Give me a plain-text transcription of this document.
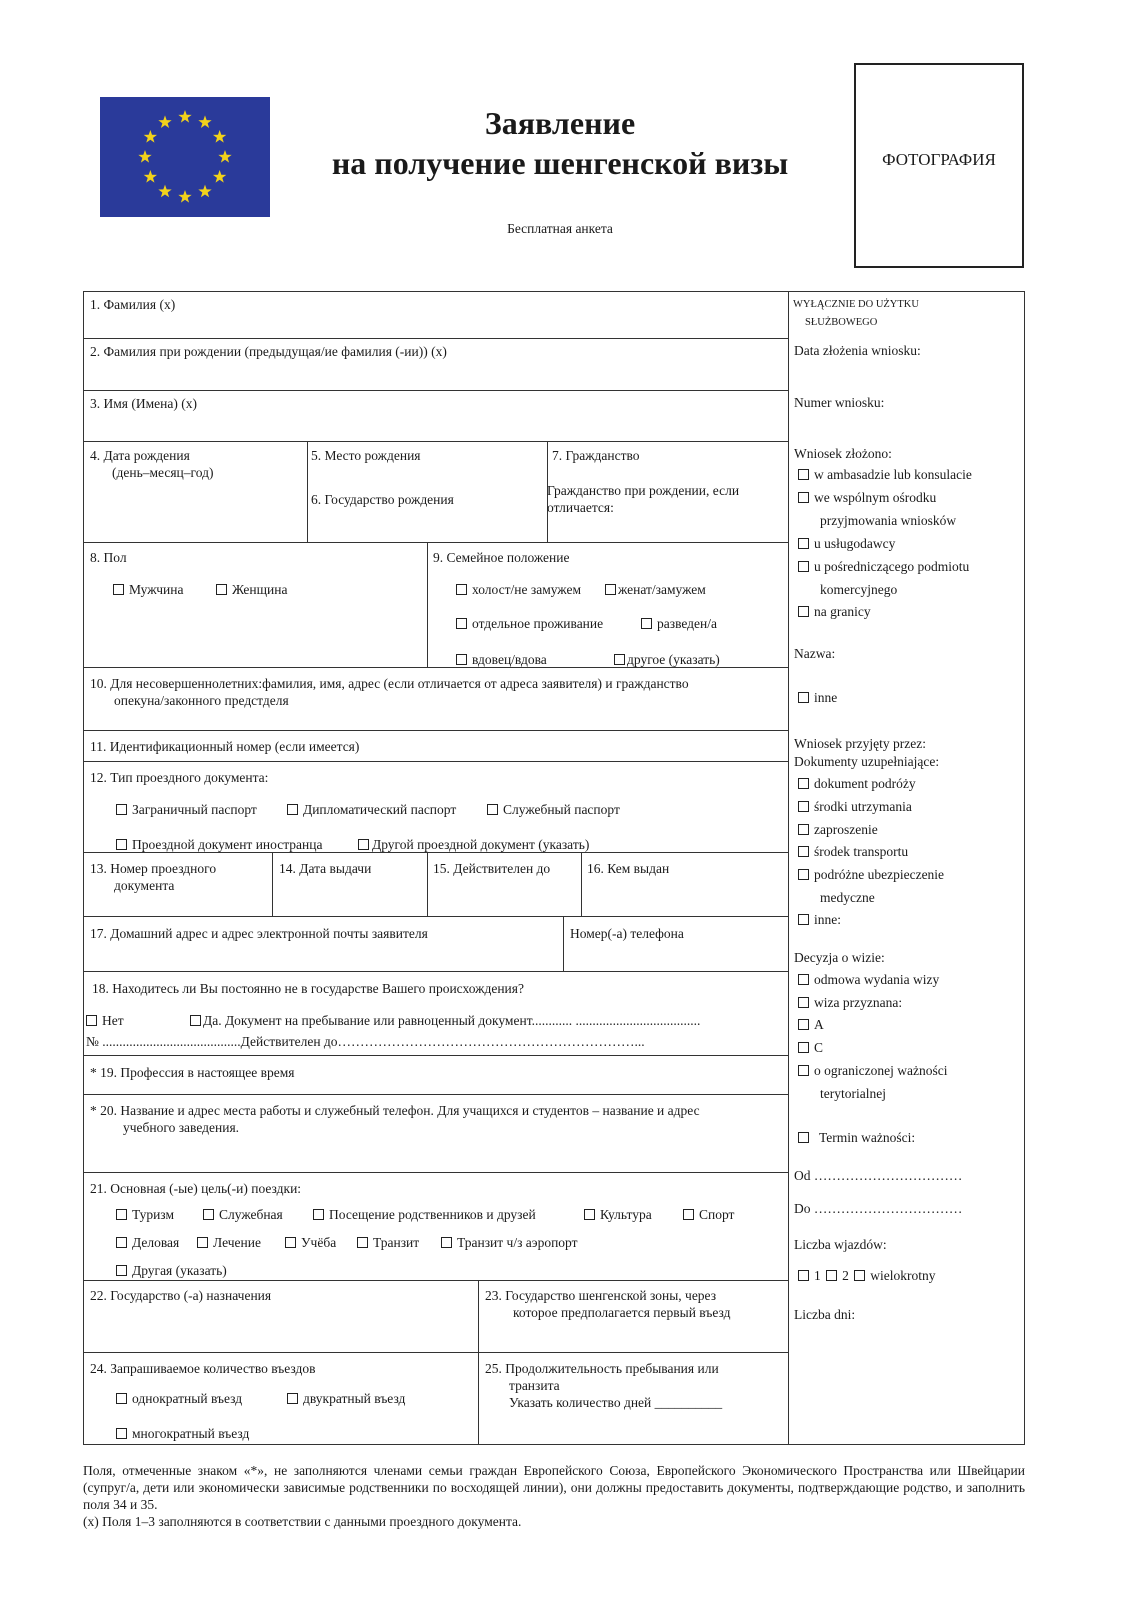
Заявление
на получение шенгенской визы
Бесплатная анкета
ФОТОГРАФИЯ
1. Фамилия (x)
2. Фамилия при рождении (предыдущая/ие фамилия (-ии)) (x)
3. Имя (Имена) (x)
4. Дата рождения
(день–месяц–год)
5. Место рождения
6. Государство рождения
7. Гражданство
Гражданство при рождении, если
отличается:
8. Пол
Мужчина	Женщина
9. Семейное положение
холост/не замужем	женат/замужем
отдельное проживание	разведен/а
вдовец/вдова	другое (указать)
10. Для несовершеннолетних:фамилия, имя, адрес (если отличается от адреса заявителя) и гражданство
опекуна/законного предстделя
11. Идентификационный номер (если имеется)
12. Тип проездного документа:
Заграничный паспорт	Дипломатический паспорт	Служебный паспорт
Проездной документ иностранца	Другой проездной документ (указать)
13. Номер проездного
документа
14. Дата выдачи	15. Действителен до	16. Кем выдан
17. Домашний адрес и адрес электронной почты заявителя	Номер(-а) телефона
18. Находитесь ли Вы постоянно не в государстве Вашего происхождения?
Нет	Да. Документ на пребывание или равноценный документ............ .....................................
№ .........................................Действителен до…………………………………………………………...
* 19. Профессия в настоящее время
* 20. Название и адрес места работы и служебный телефон. Для учащихся и студентов – название и адрес
учебного заведения.
21. Основная (-ые) цель(-и) поездки:
Туризм	Служебная	Посещение родственников и друзей	Культура	Спорт
Деловая	Лечение	Учёба	Транзит	Транзит ч/з аэропорт
Другая (указать)
22. Государство (-а) назначения	23. Государство шенгенской зоны, через
которое предполагается первый въезд
24. Запрашиваемое количество въездов
однократный въезд	двукратный въезд
многократный въезд
25. Продолжительность пребывания или
транзита
Указать количество дней __________
WYŁĄCZNIE DO UŻYTKU
SŁUŻBOWEGO
Data złożenia wniosku:
Numer wniosku:
Wniosek złożono:
w ambasadzie lub konsulacie
we wspólnym ośrodku
przyjmowania wniosków
u usługodawcy
u pośredniczącego podmiotu
komercyjnego
na granicy
Nazwa:
inne
Wniosek przyjęty przez:
Dokumenty uzupełniające:
dokument podróży
środki utrzymania
zaproszenie
środek transportu
podróżne ubezpieczenie
medyczne
inne:
Decyzja o wizie:
odmowa wydania wizy
wiza przyznana:
A
C
o ograniczonej ważności
terytorialnej
Termin ważności:
Od ……………………………
Do ……………………………
Liczba wjazdów:
1 2 wielokrotny
Liczba dni:
Поля, отмеченные знаком «*», не заполняются членами семьи граждан Европейского Союза, Европейского Экономического Пространства или Швейцарии (супруг/а, дети или экономически зависимые родственники по восходящей линии), они должны предоставить документы, подтверждающие родство, и заполнить поля 34 и 35.
(x) Поля 1–3 заполняются в соответствии с данными проездного документа.
